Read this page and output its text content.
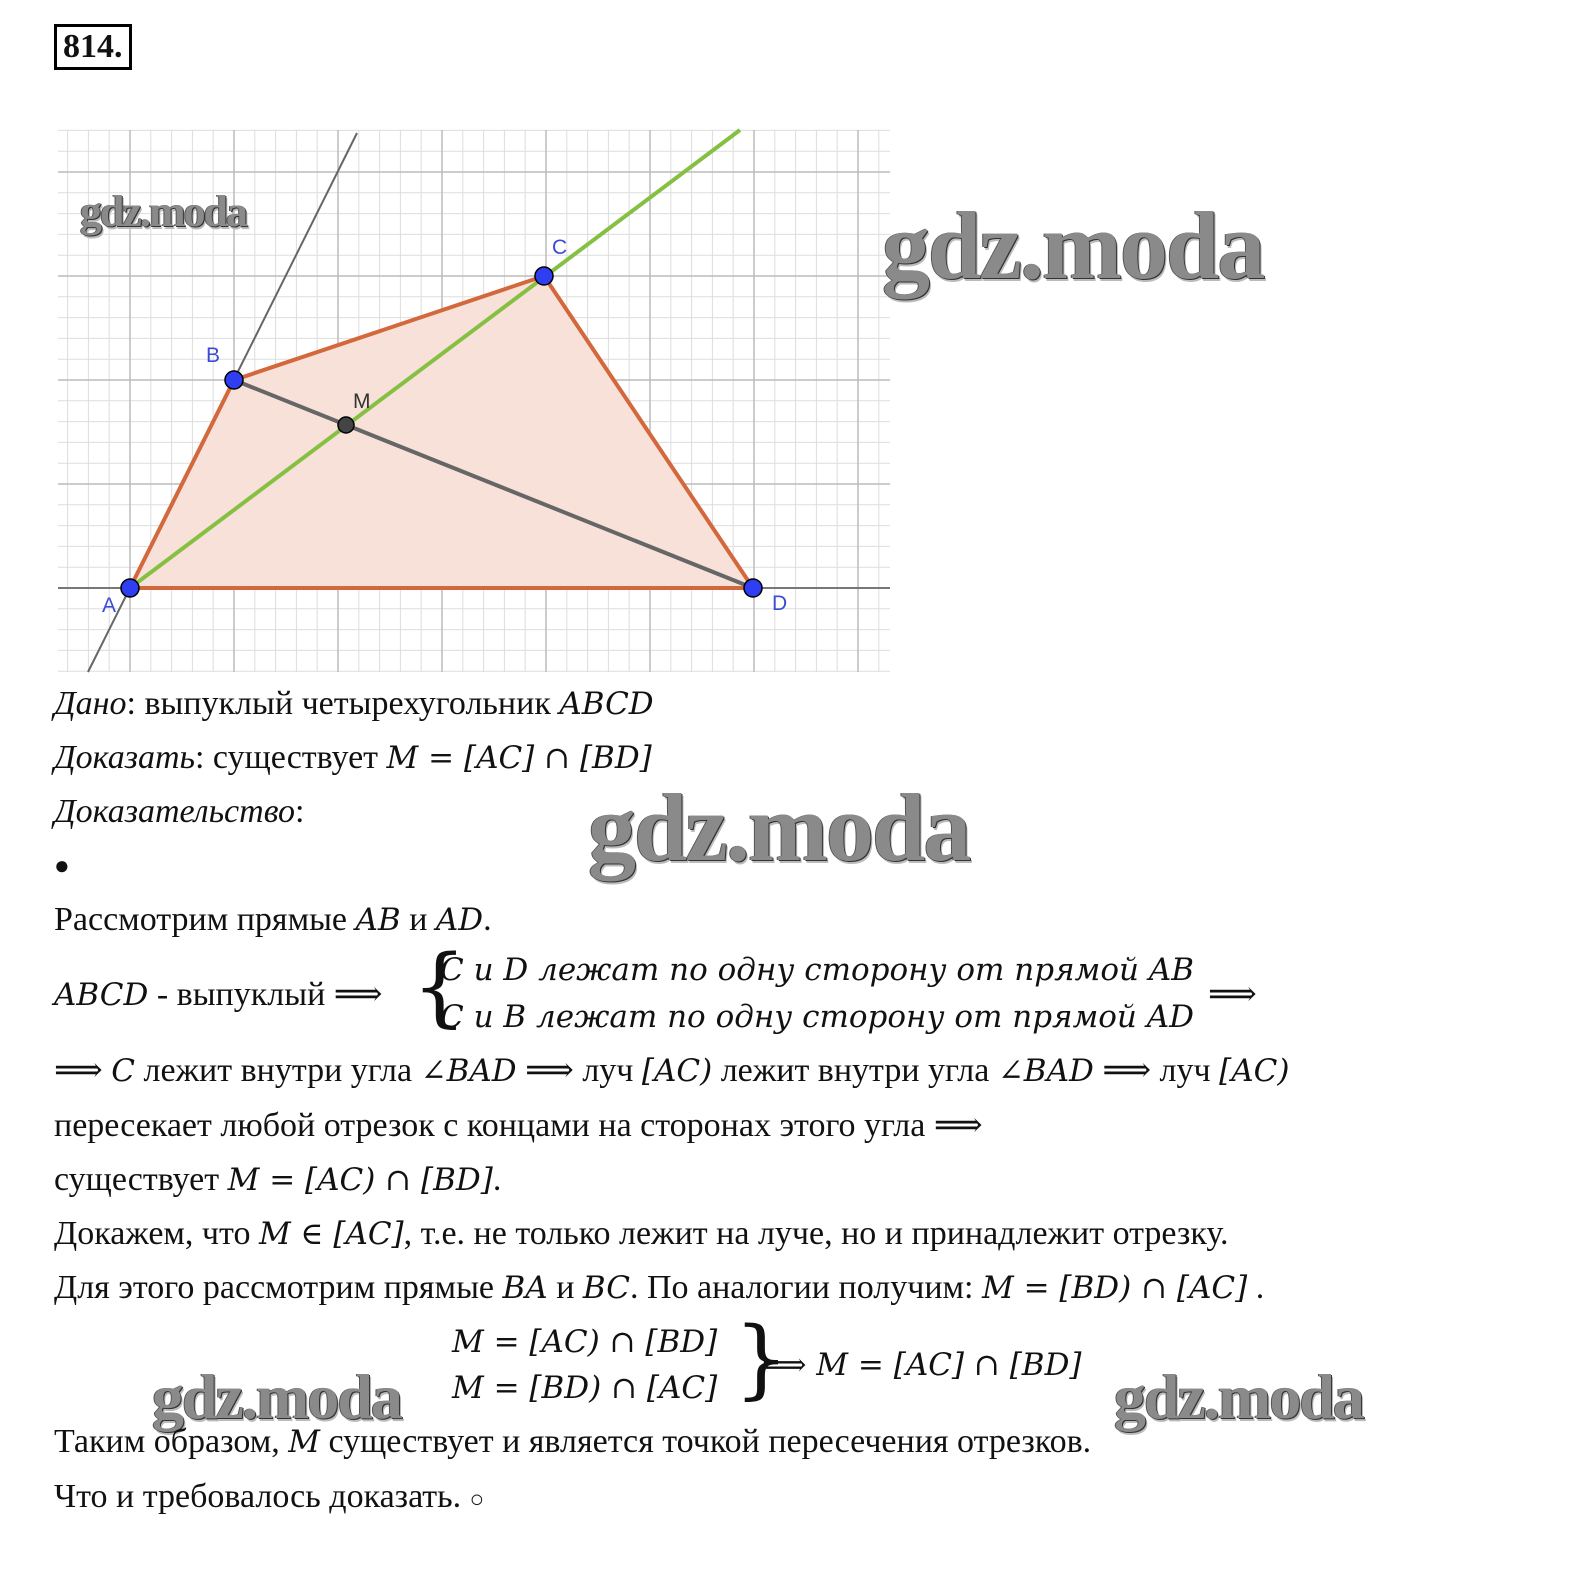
814.
A
B
C
D
M
gdz.moda	gdz.moda
Дано: выпуклый четырехугольник ABCD
Доказать: существует M = [AC] ∩ [BD]
Доказательство:	gdz.moda
●
Рассмотрим прямые AB и AD.
ABCD - выпуклый ⟹ {
C и D лежат по одну сторону от прямой AB
C и B лежат по одну сторону от прямой AD
⟹
⟹ C лежит внутри угла ∠BAD ⟹ луч [AC) лежит внутри угла ∠BAD ⟹ луч [AC)
пересекает любой отрезок с концами на сторонах этого угла ⟹
существует M = [AC) ∩ [BD].
Докажем, что M ∈ [AC], т.е. не только лежит на луче, но и принадлежит отрезку.
Для этого рассмотрим прямые BA и BC. По аналогии получим: M = [BD) ∩ [AC] .
M = [AC) ∩ [BD]
M = [BD) ∩ [AC] }
⟹ M = [AC] ∩ [BD]
gdz.moda	gdz.moda
Таким образом, M существует и является точкой пересечения отрезков.
Что и требовалось доказать. ○
